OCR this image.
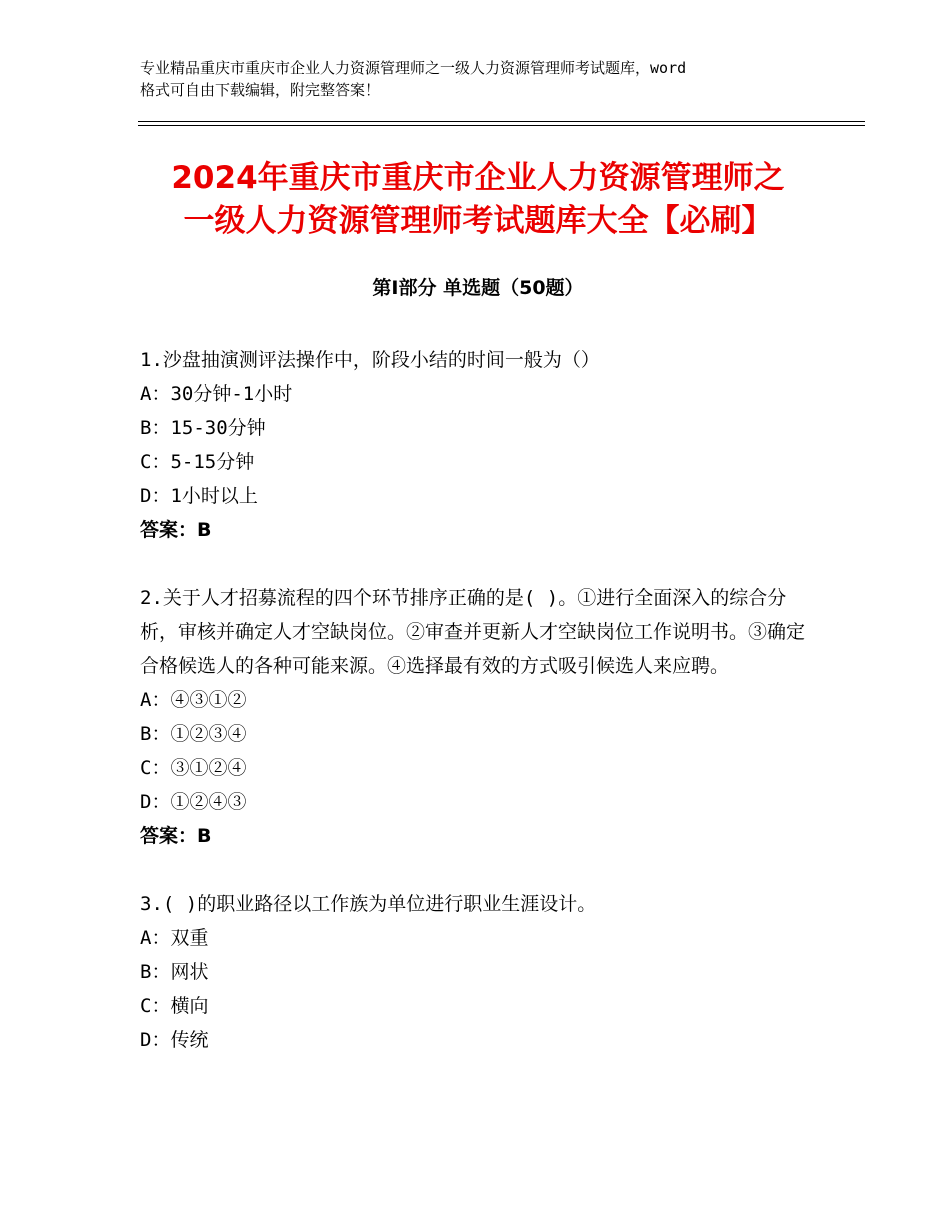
专业精品重庆市重庆市企业人力资源管理师之一级人力资源管理师考试题库，word
格式可自由下载编辑，附完整答案！
2024年重庆市重庆市企业人力资源管理师之
一级人力资源管理师考试题库大全【必刷】
第Ⅰ部分 单选题（50题）

1.沙盘抽演测评法操作中，阶段小结的时间一般为（）

A：30分钟-1小时

B：15-30分钟

C：5-15分钟

D：1小时以上

答案：B

2.关于人才招募流程的四个环节排序正确的是( )。①进行全面深入的综合分析，审核并确定人才空缺岗位。②审查并更新人才空缺岗位工作说明书。③确定合格候选人的各种可能来源。④选择最有效的方式吸引候选人来应聘。

A：④③①②

B：①②③④

C：③①②④

D：①②④③

答案：B

3.( )的职业路径以工作族为单位进行职业生涯设计。

A：双重

B：网状

C：横向

D：传统
